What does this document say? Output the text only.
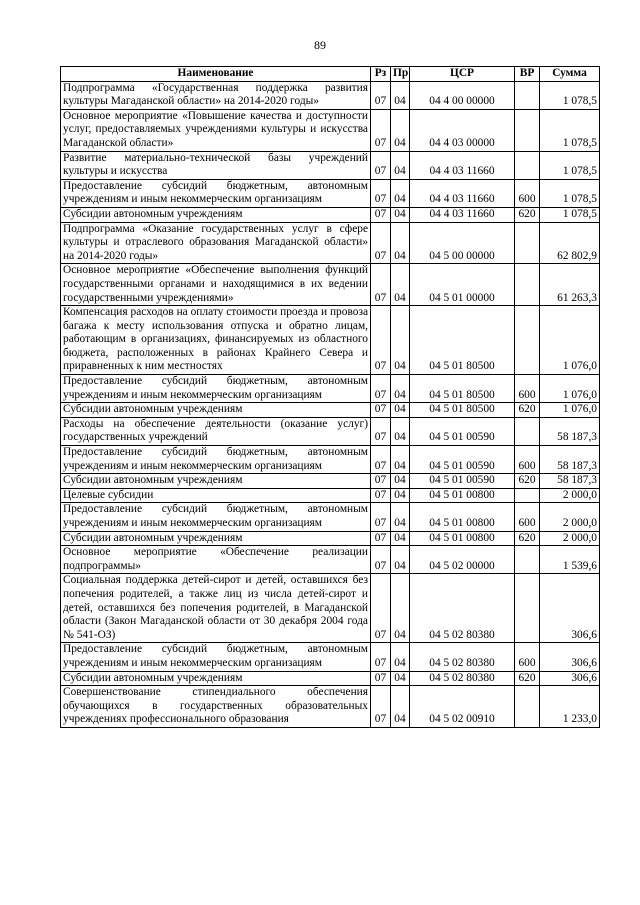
89
Наименование	Рз	Пр	ЦСР	ВР	Сумма
Подпрограмма «Государственная поддержка развития культуры Магаданской области» на 2014-2020 годы»	07	04	04 4 00 00000		1 078,5
Основное мероприятие «Повышение качества и доступности услуг, предоставляемых учреждениями культуры и искусства Магаданской области»	07	04	04 4 03 00000		1 078,5
Развитие материально-технической базы учреждений культуры и искусства	07	04	04 4 03 11660		1 078,5
Предоставление субсидий бюджетным, автономным учреждениям и иным некоммерческим организациям	07	04	04 4 03 11660	600	1 078,5
Субсидии автономным учреждениям	07	04	04 4 03 11660	620	1 078,5
Подпрограмма «Оказание государственных услуг в сфере культуры и отраслевого образования Магаданской области» на 2014-2020 годы»	07	04	04 5 00 00000		62 802,9
Основное мероприятие «Обеспечение выполнения функций государственными органами и находящимися в их ведении государственными учреждениями»	07	04	04 5 01 00000		61 263,3
Компенсация расходов на оплату стоимости проезда и провоза багажа к месту использования отпуска и обратно лицам, работающим в организациях, финансируемых из областного бюджета, расположенных в районах Крайнего Севера и приравненных к ним местностях	07	04	04 5 01 80500		1 076,0
Предоставление субсидий бюджетным, автономным учреждениям и иным некоммерческим организациям	07	04	04 5 01 80500	600	1 076,0
Субсидии автономным учреждениям	07	04	04 5 01 80500	620	1 076,0
Расходы на обеспечение деятельности (оказание услуг) государственных учреждений	07	04	04 5 01 00590		58 187,3
Предоставление субсидий бюджетным, автономным учреждениям и иным некоммерческим организациям	07	04	04 5 01 00590	600	58 187,3
Субсидии автономным учреждениям	07	04	04 5 01 00590	620	58 187,3
Целевые субсидии	07	04	04 5 01 00800		2 000,0
Предоставление субсидий бюджетным, автономным учреждениям и иным некоммерческим организациям	07	04	04 5 01 00800	600	2 000,0
Субсидии автономным учреждениям	07	04	04 5 01 00800	620	2 000,0
Основное мероприятие «Обеспечение реализации подпрограммы»	07	04	04 5 02 00000		1 539,6
Социальная поддержка детей-сирот и детей, оставшихся без попечения родителей, а также лиц из числа детей-сирот и детей, оставшихся без попечения родителей, в Магаданской области (Закон Магаданской области от 30 декабря 2004 года № 541-ОЗ)	07	04	04 5 02 80380		306,6
Предоставление субсидий бюджетным, автономным учреждениям и иным некоммерческим организациям	07	04	04 5 02 80380	600	306,6
Субсидии автономным учреждениям	07	04	04 5 02 80380	620	306,6
Совершенствование стипендиального обеспечения обучающихся в государственных образовательных учреждениях профессионального образования	07	04	04 5 02 00910		1 233,0
